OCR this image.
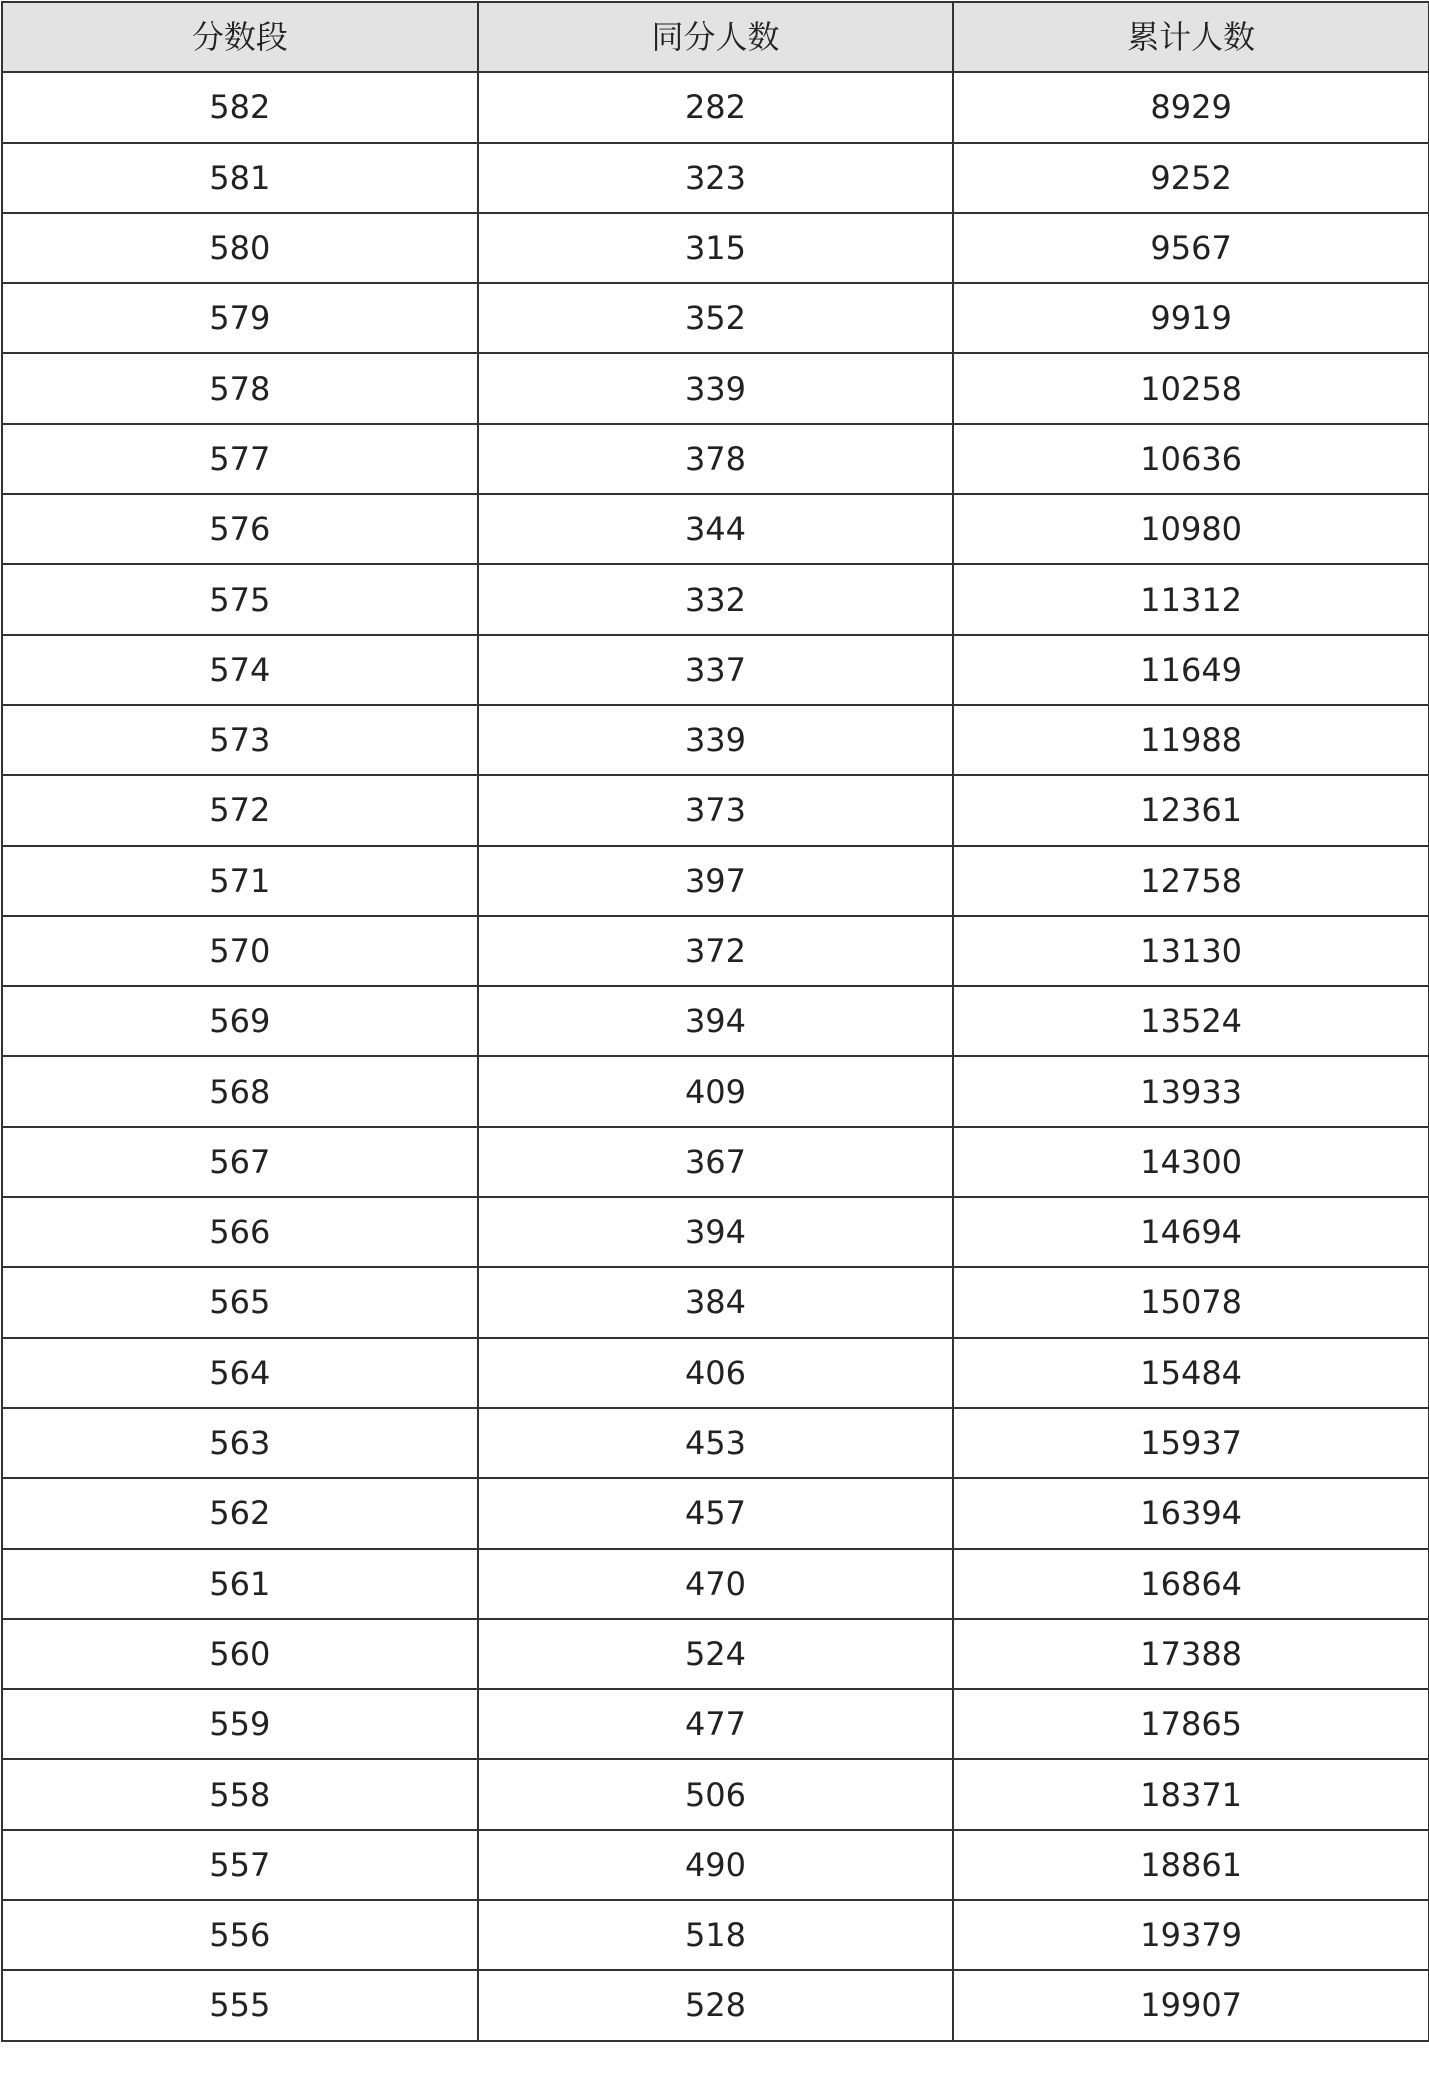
分数段	同分人数	累计人数
582	282	8929
581	323	9252
580	315	9567
579	352	9919
578	339	10258
577	378	10636
576	344	10980
575	332	11312
574	337	11649
573	339	11988
572	373	12361
571	397	12758
570	372	13130
569	394	13524
568	409	13933
567	367	14300
566	394	14694
565	384	15078
564	406	15484
563	453	15937
562	457	16394
561	470	16864
560	524	17388
559	477	17865
558	506	18371
557	490	18861
556	518	19379
555	528	19907
